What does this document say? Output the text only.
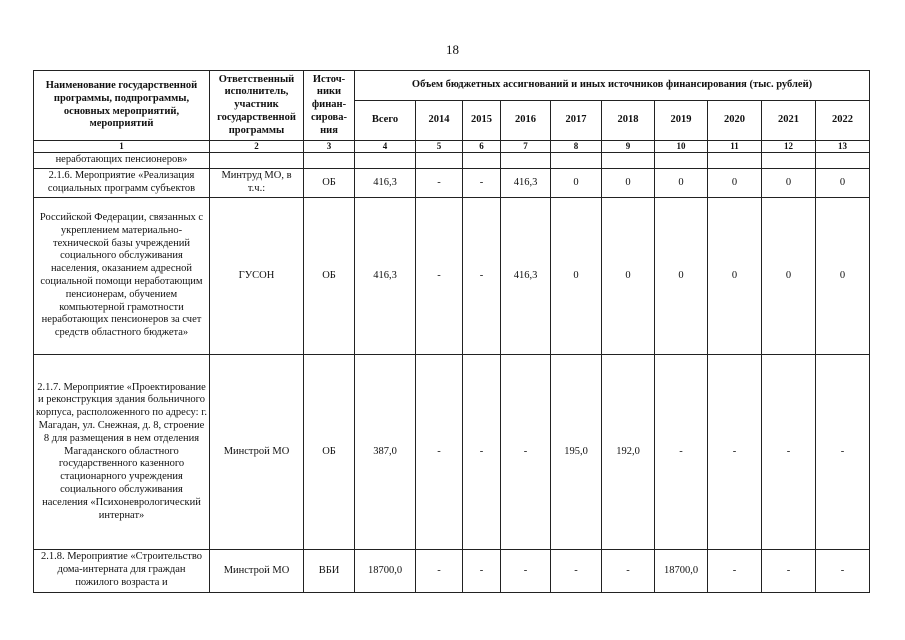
18
Наименование государственной программы, подпрограммы, основных мероприятий, мероприятий	Ответственный исполнитель, участник государственной программы	Источ-ники финан-сирова-ния	Объем бюджетных ассигнований и иных источников финансирования (тыс. рублей)									
			Всего	2014	2015	2016	2017	2018	2019	2020	2021	2022
1	2	3	4	5	6	7	8	9	10	11	12	13
неработающих пенсионеров»												
2.1.6. Мероприятие «Реализация социальных программ субъектов	Минтруд МО, в т.ч.:	ОБ	416,3	-	-	416,3	0	0	0	0	0	0
Российской Федерации, связанных с укреплением материально-технической базы учреждений социального обслуживания населения, оказанием адресной социальной помощи неработающим пенсионерам, обучением компьютерной грамотности неработающих пенсионеров за счет средств областного бюджета»	ГУСОН	ОБ	416,3	-	-	416,3	0	0	0	0	0	0
2.1.7. Мероприятие «Проектирование и реконструкция здания больничного корпуса, расположенного по адресу: г. Магадан, ул. Снежная, д. 8, строение 8 для размещения в нем отделения Магаданского областного государственного казенного стационарного учреждения социального обслуживания населения «Психоневрологический интернат»	Минстрой МО	ОБ	387,0	-	-	-	195,0	192,0	-	-	-	-

2.1.8. Мероприятие «Строительство дома-интерната для граждан пожилого возраста и	Минстрой МО	ВБИ	18700,0	-	-	-	-	-	18700,0	-	-	-
